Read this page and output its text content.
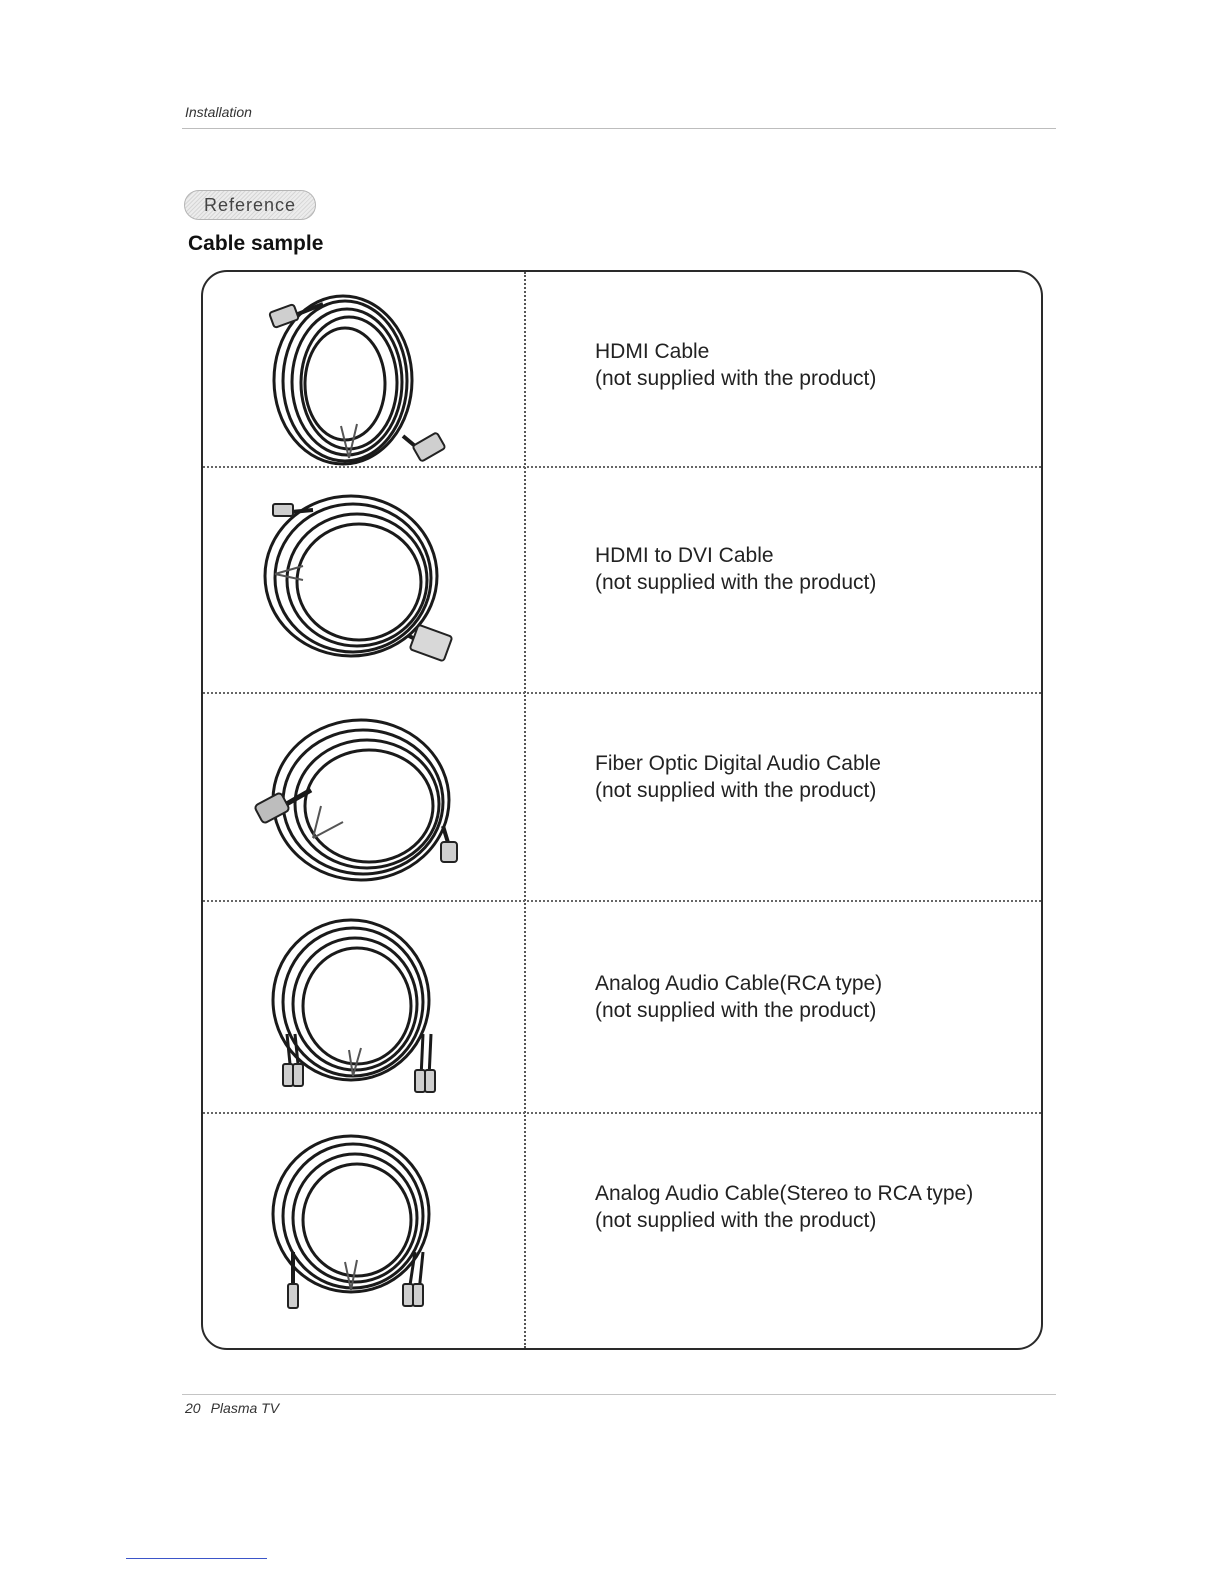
Installation
Reference
Cable sample
HDMI Cable
(not supplied with the product)
HDMI to DVI Cable
(not supplied with the product)
Fiber Optic Digital Audio Cable
(not supplied with the product)
Analog Audio Cable(RCA type)
(not supplied with the product)
Analog Audio Cable(Stereo to RCA type)
(not supplied with the product)
20 Plasma TV
